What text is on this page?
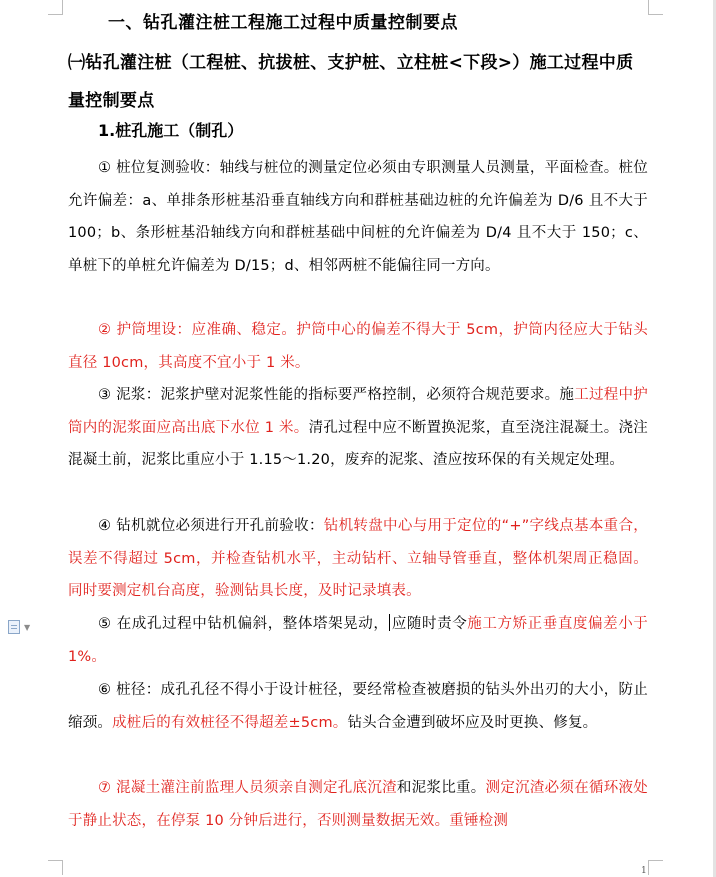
一、钻孔灌注桩工程施工过程中质量控制要点
㈠钻孔灌注桩（工程桩、抗拔桩、支护桩、立柱桩<下段>）施工过程中质量控制要点
1.桩孔施工（制孔）
① 桩位复测验收：轴线与桩位的测量定位必须由专职测量人员测量，平面检查。桩位允许偏差：a、单排条形桩基沿垂直轴线方向和群桩基础边桩的允许偏差为 D/6 且不大于 100；b、条形桩基沿轴线方向和群桩基础中间桩的允许偏差为 D/4 且不大于 150；c、单桩下的单桩允许偏差为 D/15；d、相邻两桩不能偏往同一方向。
② 护筒埋设：应准确、稳定。护筒中心的偏差不得大于 5cm，护筒内径应大于钻头直径 10cm，其高度不宜小于 1 米。
③ 泥浆：泥浆护壁对泥浆性能的指标要严格控制，必须符合规范要求。施工过程中护筒内的泥浆面应高出底下水位 1 米。清孔过程中应不断置换泥浆，直至浇注混凝土。浇注混凝土前，泥浆比重应小于 1.15～1.20，废弃的泥浆、渣应按环保的有关规定处理。
④ 钻机就位必须进行开孔前验收：钻机转盘中心与用于定位的“+”字线点基本重合，误差不得超过 5cm，并检查钻机水平，主动钻杆、立轴导管垂直，整体机架周正稳固。同时要测定机台高度，验测钻具长度，及时记录填表。
⑤ 在成孔过程中钻机偏斜，整体塔架晃动， 应随时责令施工方矫正垂直度偏差小于 1%。
⑥ 桩径：成孔孔径不得小于设计桩径，要经常检查被磨损的钻头外出刃的大小，防止缩颈。成桩后的有效桩径不得超差±5cm。钻头合金遭到破坏应及时更换、修复。
⑦ 混凝土灌注前监理人员须亲自测定孔底沉渣和泥浆比重。测定沉渣必须在循环液处于静止状态，在停泵 10 分钟后进行，否则测量数据无效。重锤检测
▼
1
